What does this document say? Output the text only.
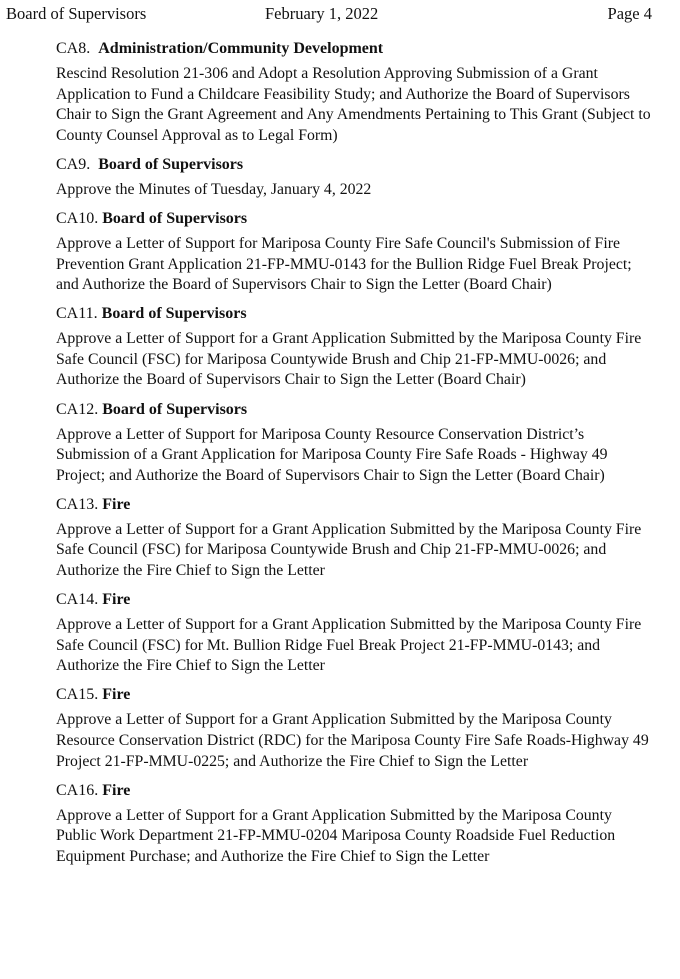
Board of Supervisors	February 1, 2022	Page 4
CA8. Administration/Community Development

Rescind Resolution 21-306 and Adopt a Resolution Approving Submission of a Grant Application to Fund a Childcare Feasibility Study; and Authorize the Board of Supervisors Chair to Sign the Grant Agreement and Any Amendments Pertaining to This Grant (Subject to County Counsel Approval as to Legal Form)

CA9. Board of Supervisors

Approve the Minutes of Tuesday, January 4, 2022

CA10. Board of Supervisors

Approve a Letter of Support for Mariposa County Fire Safe Council's Submission of Fire Prevention Grant Application 21-FP-MMU-0143 for the Bullion Ridge Fuel Break Project; and Authorize the Board of Supervisors Chair to Sign the Letter (Board Chair)

CA11. Board of Supervisors

Approve a Letter of Support for a Grant Application Submitted by the Mariposa County Fire Safe Council (FSC) for Mariposa Countywide Brush and Chip 21-FP-MMU-0026; and Authorize the Board of Supervisors Chair to Sign the Letter (Board Chair)

CA12. Board of Supervisors

Approve a Letter of Support for Mariposa County Resource Conservation District’s Submission of a Grant Application for Mariposa County Fire Safe Roads - Highway 49 Project; and Authorize the Board of Supervisors Chair to Sign the Letter (Board Chair)

CA13. Fire

Approve a Letter of Support for a Grant Application Submitted by the Mariposa County Fire Safe Council (FSC) for Mariposa Countywide Brush and Chip 21-FP-MMU-0026; and Authorize the Fire Chief to Sign the Letter

CA14. Fire

Approve a Letter of Support for a Grant Application Submitted by the Mariposa County Fire Safe Council (FSC) for Mt. Bullion Ridge Fuel Break Project 21-FP-MMU-0143; and Authorize the Fire Chief to Sign the Letter

CA15. Fire

Approve a Letter of Support for a Grant Application Submitted by the Mariposa County Resource Conservation District (RDC) for the Mariposa County Fire Safe Roads-Highway 49 Project 21-FP-MMU-0225; and Authorize the Fire Chief to Sign the Letter

CA16. Fire

Approve a Letter of Support for a Grant Application Submitted by the Mariposa County Public Work Department 21-FP-MMU-0204 Mariposa County Roadside Fuel Reduction Equipment Purchase; and Authorize the Fire Chief to Sign the Letter
